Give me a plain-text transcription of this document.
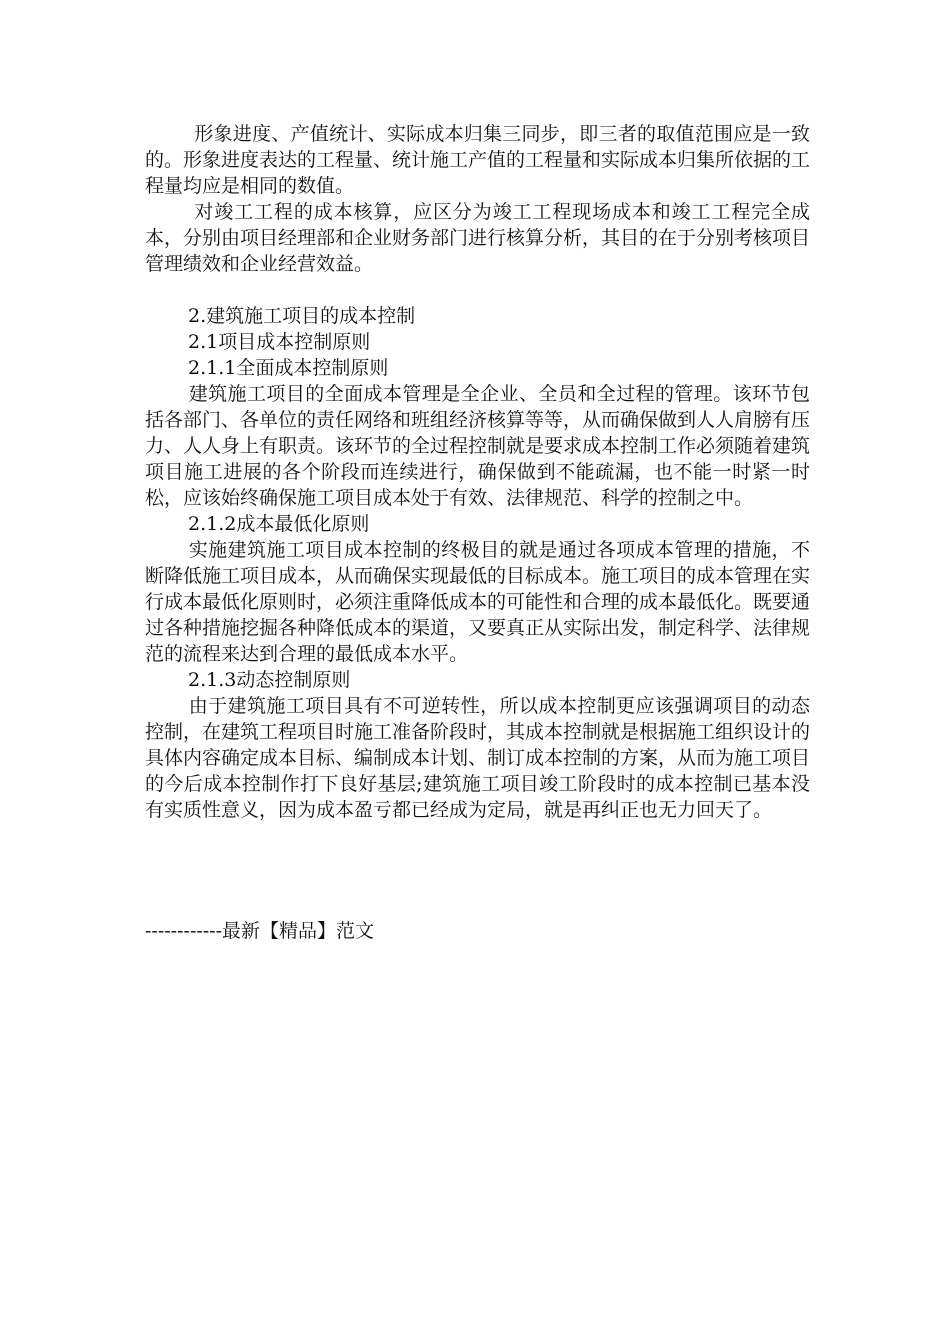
形象进度、产值统计、实际成本归集三同步，即三者的取值范围应是一致的。形象进度表达的工程量、统计施工产值的工程量和实际成本归集所依据的工程量均应是相同的数值。

对竣工工程的成本核算，应区分为竣工工程现场成本和竣工工程完全成本，分别由项目经理部和企业财务部门进行核算分析，其目的在于分别考核项目管理绩效和企业经营效益。

2.建筑施工项目的成本控制

2.1项目成本控制原则

2.1.1全面成本控制原则

建筑施工项目的全面成本管理是全企业、全员和全过程的管理。该环节包括各部门、各单位的责任网络和班组经济核算等等，从而确保做到人人肩膀有压力、人人身上有职责。该环节的全过程控制就是要求成本控制工作必须随着建筑项目施工进展的各个阶段而连续进行，确保做到不能疏漏，也不能一时紧一时松，应该始终确保施工项目成本处于有效、法律规范、科学的控制之中。

2.1.2成本最低化原则

实施建筑施工项目成本控制的终极目的就是通过各项成本管理的措施，不断降低施工项目成本，从而确保实现最低的目标成本。施工项目的成本管理在实行成本最低化原则时，必须注重降低成本的可能性和合理的成本最低化。既要通过各种措施挖掘各种降低成本的渠道，又要真正从实际出发，制定科学、法律规范的流程来达到合理的最低成本水平。

2.1.3动态控制原则

由于建筑施工项目具有不可逆转性，所以成本控制更应该强调项目的动态控制，在建筑工程项目时施工准备阶段时，其成本控制就是根据施工组织设计的具体内容确定成本目标、编制成本计划、制订成本控制的方案，从而为施工项目的今后成本控制作打下良好基层;建筑施工项目竣工阶段时的成本控制已基本没有实质性意义，因为成本盈亏都已经成为定局，就是再纠正也无力回天了。

------------最新【精品】范文
